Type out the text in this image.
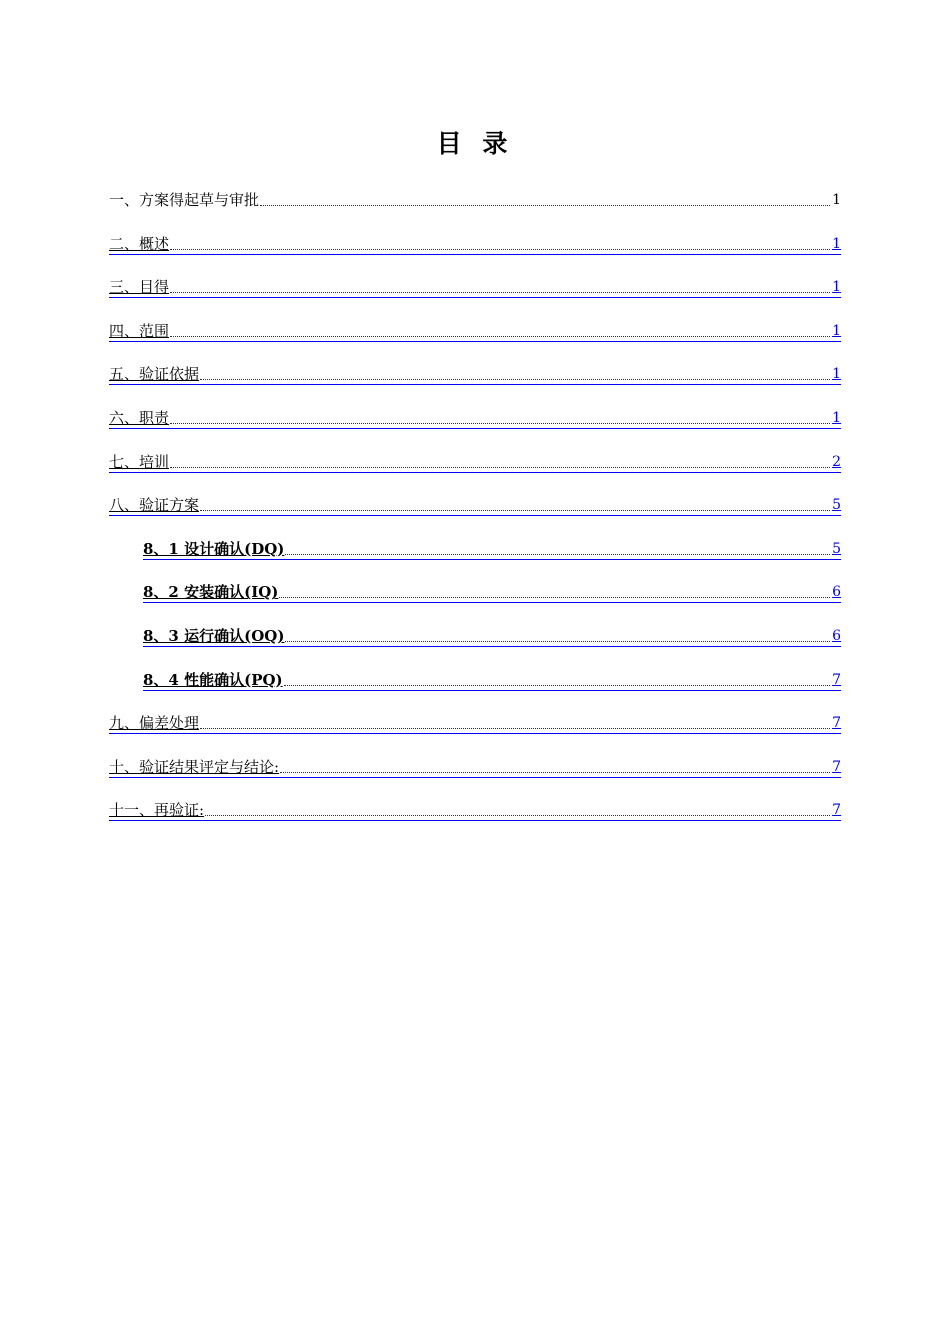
目 录
一、方案得起草与审批	1
二、概述	1
三、目得	1
四、范围	1
五、验证依据	1
六、职责	1
七、培训	2
八、验证方案	5
8、1 设计确认(DQ)	5
8、2 安装确认(IQ)	6
8、3 运行确认(OQ)	6
8、4 性能确认(PQ)	7
九、偏差处理	7
十、验证结果评定与结论:	7
十一、再验证:	7
